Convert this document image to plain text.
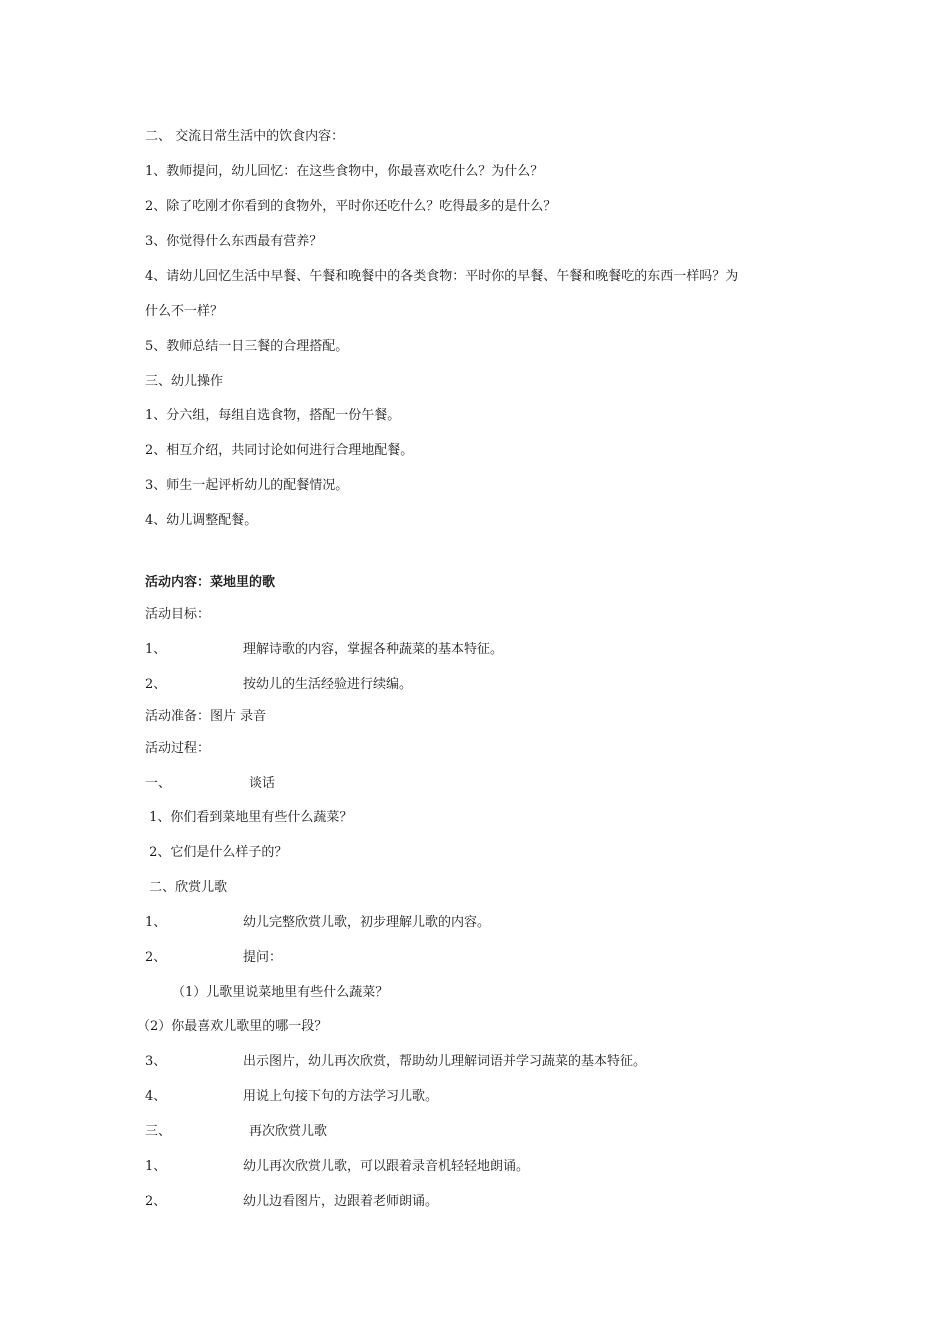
二、 交流日常生活中的饮食内容：
1、教师提问，幼儿回忆：在这些食物中，你最喜欢吃什么？为什么？
2、除了吃刚才你看到的食物外，平时你还吃什么？吃得最多的是什么？
3、你觉得什么东西最有营养？
4、请幼儿回忆生活中早餐、午餐和晚餐中的各类食物：平时你的早餐、午餐和晚餐吃的东西一样吗？为
什么不一样？
5、教师总结一日三餐的合理搭配。
三、幼儿操作
1、分六组，每组自选食物，搭配一份午餐。
2、相互介绍，共同讨论如何进行合理地配餐。
3、师生一起评析幼儿的配餐情况。
4、幼儿调整配餐。
活动内容：菜地里的歌
活动目标：
1、	理解诗歌的内容，掌握各种蔬菜的基本特征。
2、	按幼儿的生活经验进行续编。
活动准备：图片 录音
活动过程：
一、	谈话
1、你们看到菜地里有些什么蔬菜？
2、它们是什么样子的？
二、欣赏儿歌
1、	幼儿完整欣赏儿歌，初步理解儿歌的内容。
2、	提问：
（1）儿歌里说菜地里有些什么蔬菜？
（2）你最喜欢儿歌里的哪一段？
3、	出示图片，幼儿再次欣赏，帮助幼儿理解词语并学习蔬菜的基本特征。
4、	用说上句接下句的方法学习儿歌。
三、	再次欣赏儿歌
1、	幼儿再次欣赏儿歌，可以跟着录音机轻轻地朗诵。
2、	幼儿边看图片，边跟着老师朗诵。
